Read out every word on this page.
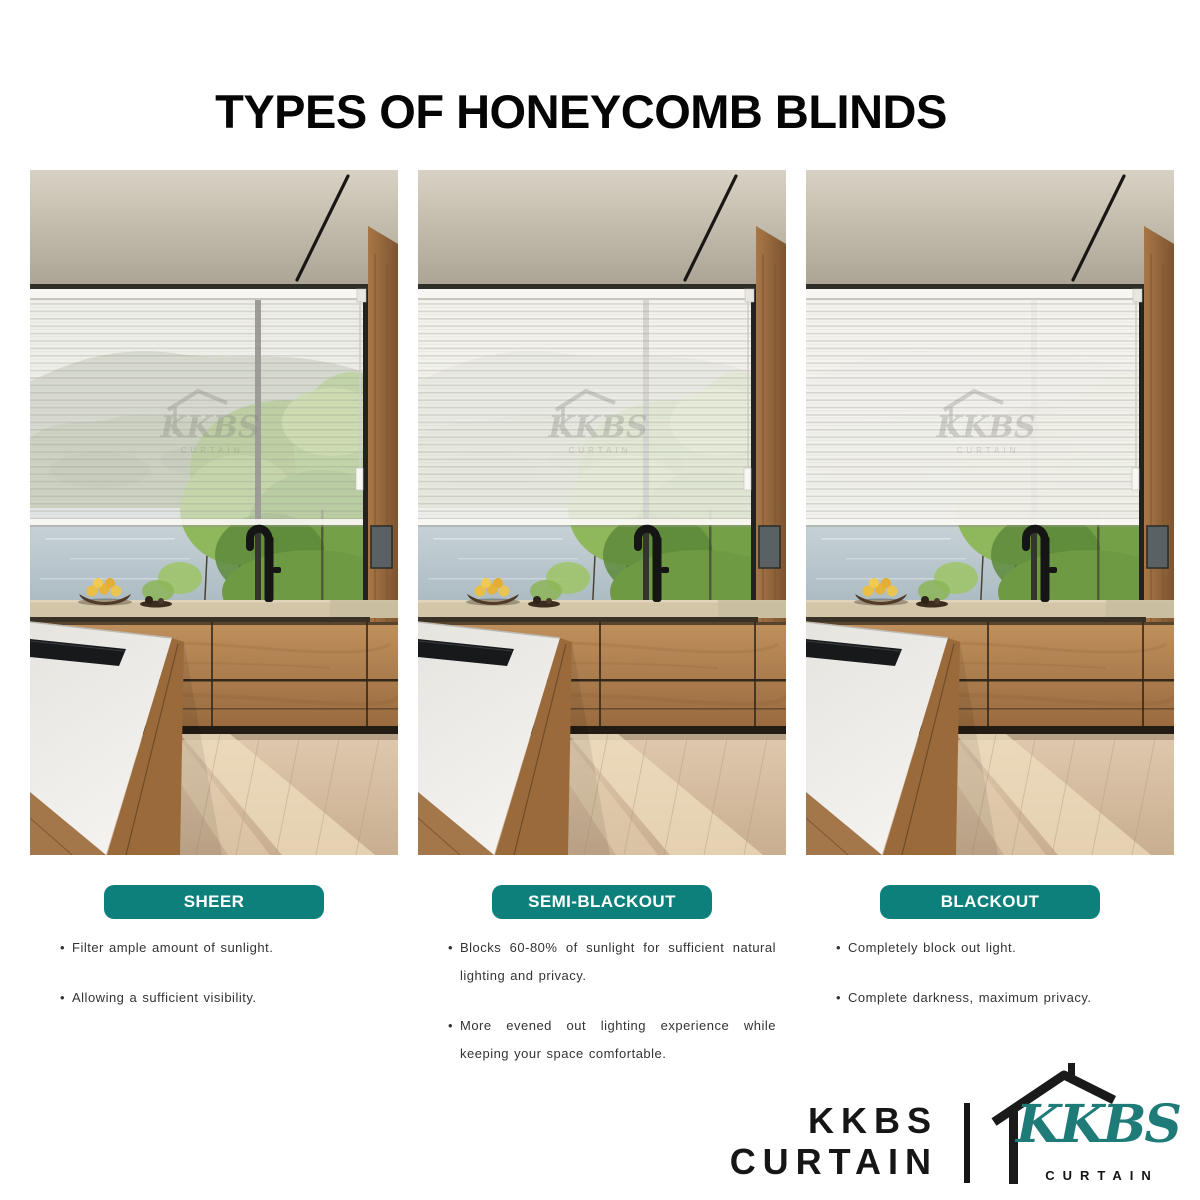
TYPES OF HONEYCOMB BLINDS
KKBS
CURTAIN
SHEER

• Filter ample amount of sunlight.

• Allowing a sufficient visibility.

KKBS
CURTAIN
SEMI-BLACKOUT

• Blocks 60-80% of sunlight for sufficient natural lighting and privacy.

• More evened out lighting experience while keeping your space comfortable.

KKBS
CURTAIN
BLACKOUT

• Completely block out light.

• Complete darkness, maximum privacy.

KKBS
CURTAIN
KKBS
CURTAIN
